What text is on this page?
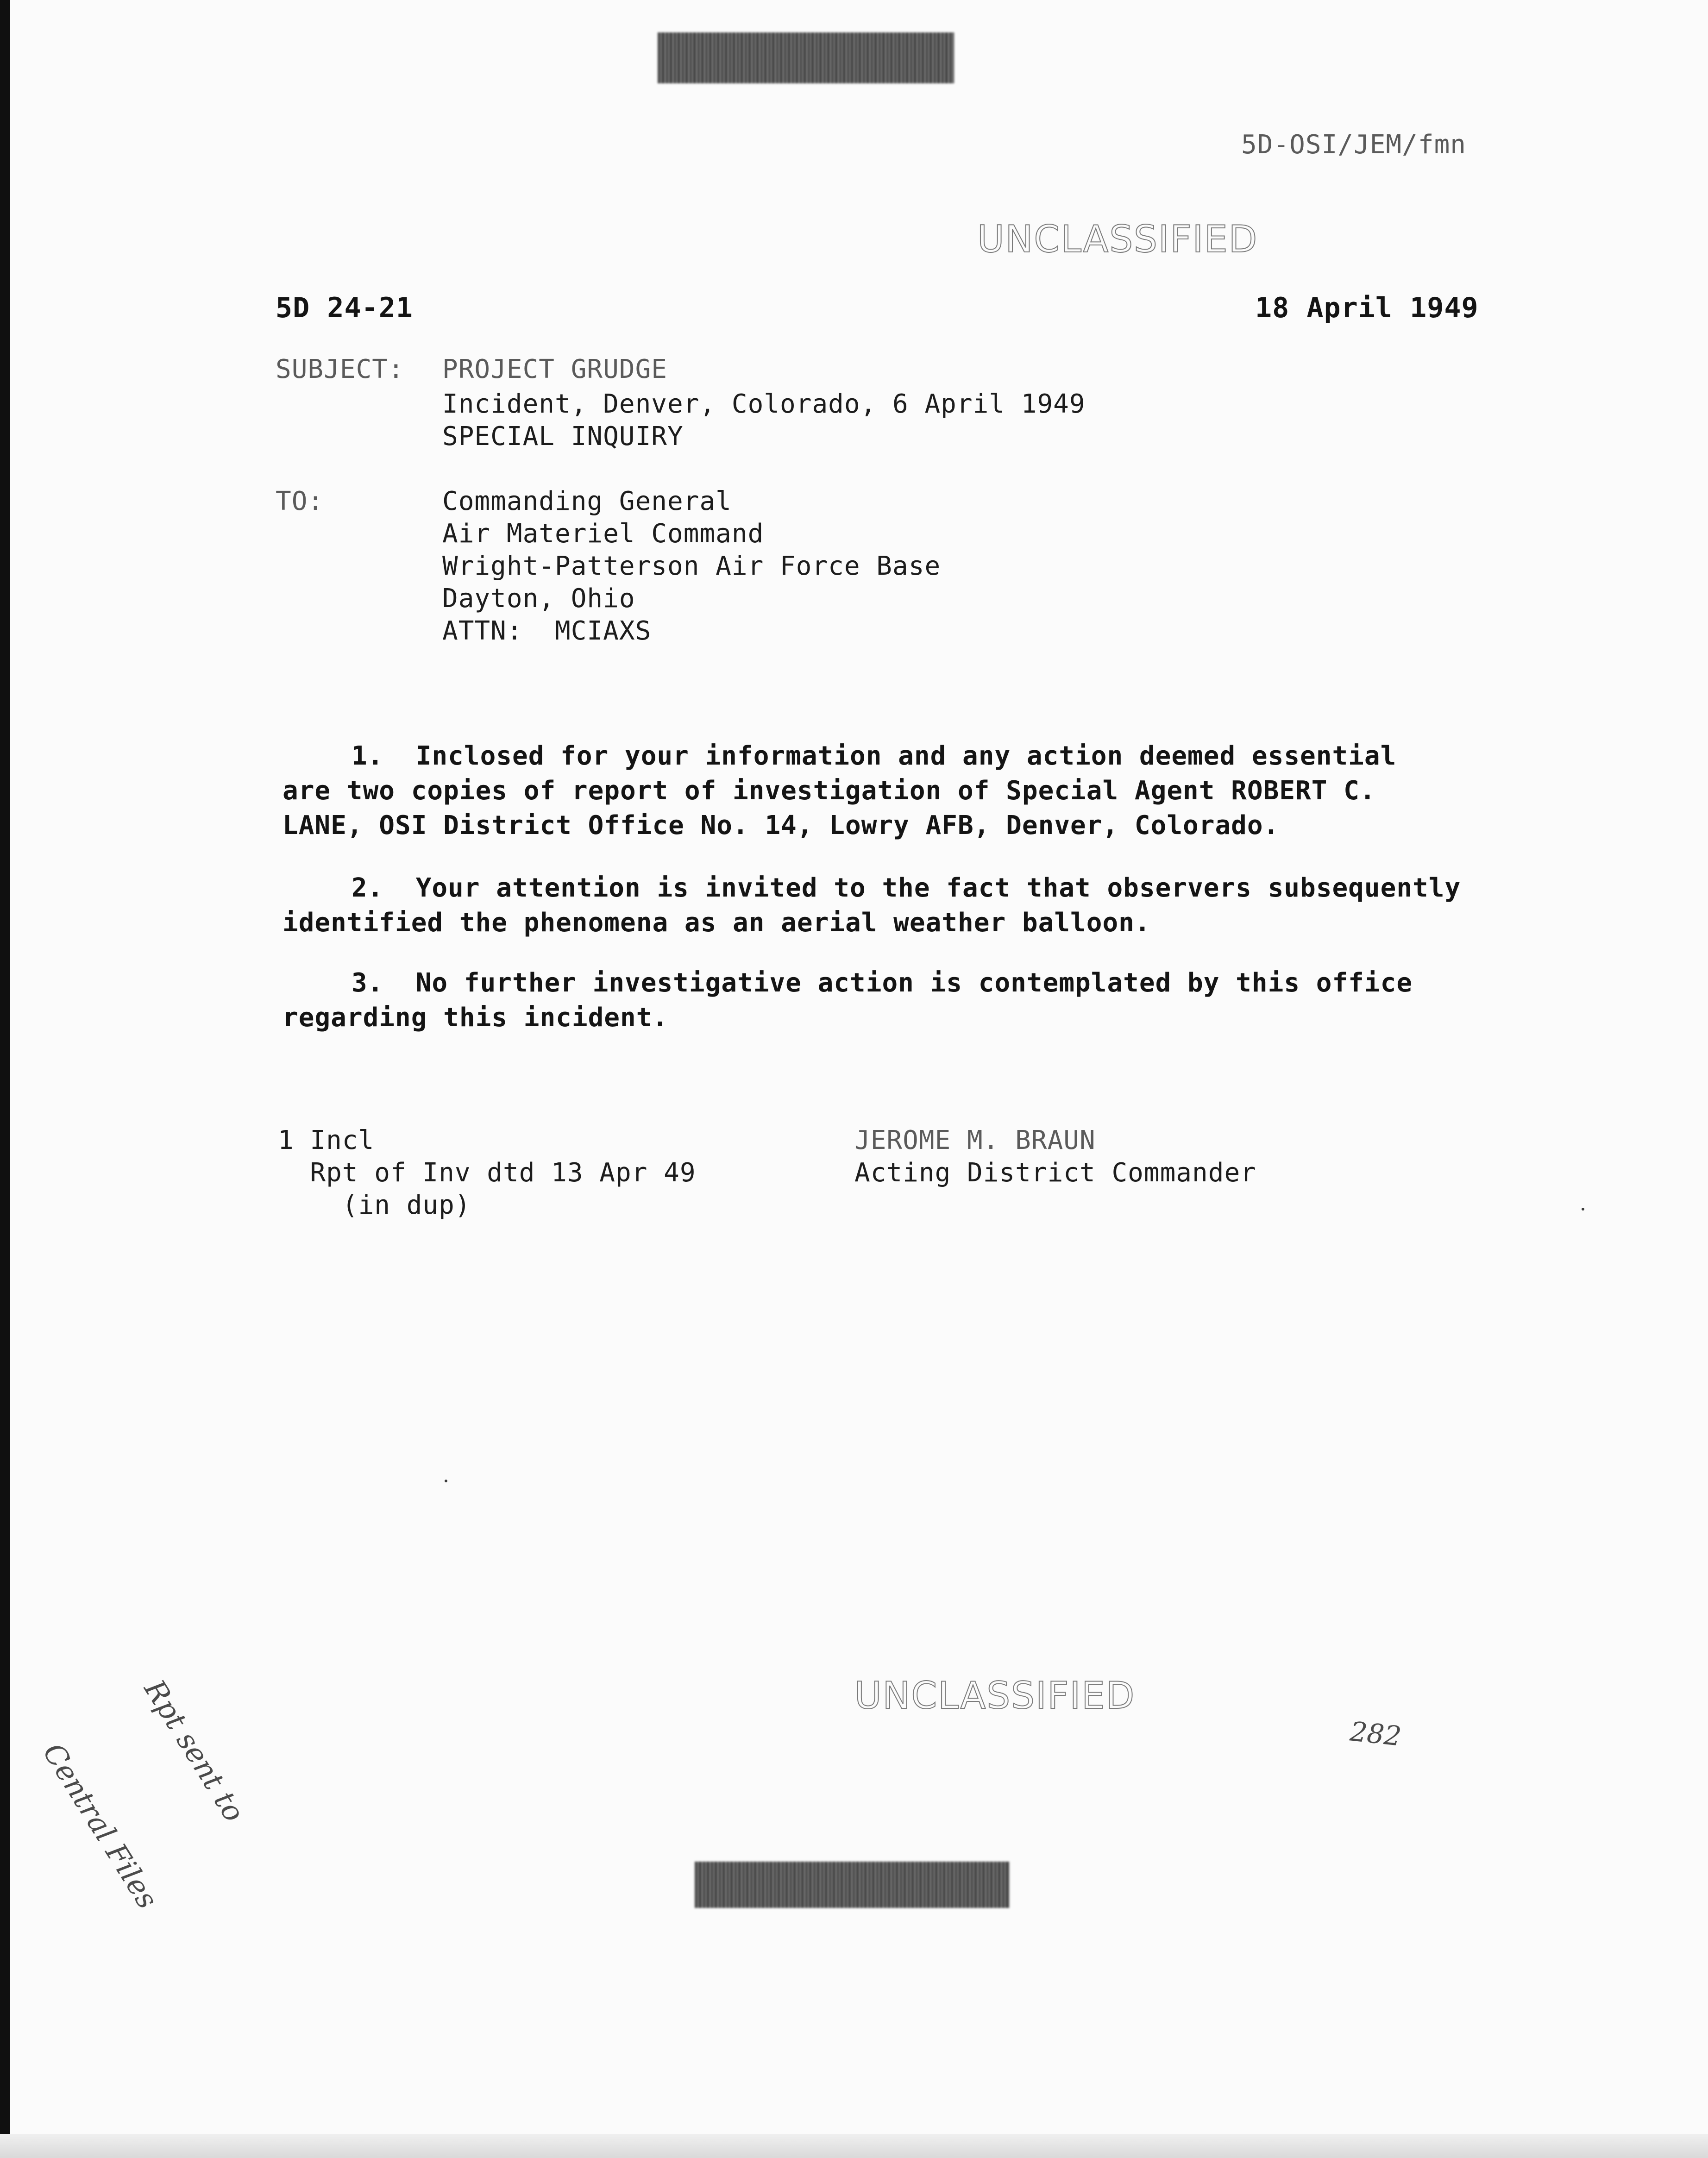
5D-OSI/JEM/fmn
UNCLASSIFIED
5D 24-21	18 April 1949
SUBJECT: PROJECT GRUDGE
Incident, Denver, Colorado, 6 April 1949
SPECIAL INQUIRY
TO:	Commanding General
Air Materiel Command
Wright-Patterson Air Force Base
Dayton, Ohio
ATTN:  MCIAXS
1.  Inclosed for your information and any action deemed essential
are two copies of report of investigation of Special Agent ROBERT C.
LANE, OSI District Office No. 14, Lowry AFB, Denver, Colorado.
2.  Your attention is invited to the fact that observers subsequently
identified the phenomena as an aerial weather balloon.
3.  No further investigative action is contemplated by this office
regarding this incident.
1 Incl
Rpt of Inv dtd 13 Apr 49
(in dup)
JEROME M. BRAUN
Acting District Commander

Rpt sent to

Central Files

282
UNCLASSIFIED
